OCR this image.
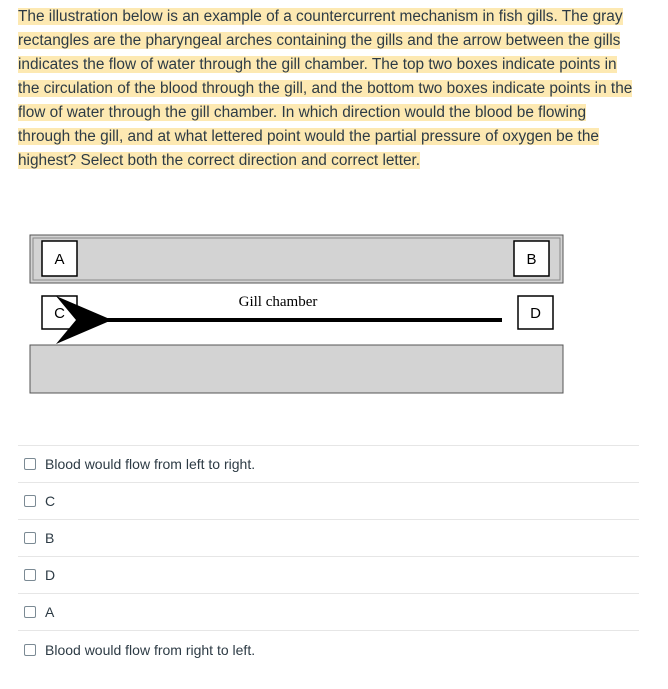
The illustration below is an example of a countercurrent mechanism in fish gills. The gray rectangles are the pharyngeal arches containing the gills and the arrow between the gills indicates the flow of water through the gill chamber. The top two boxes indicate points in the circulation of the blood through the gill, and the bottom two boxes indicate points in the flow of water through the gill chamber. In which direction would the blood be flowing through the gill, and at what lettered point would the partial pressure of oxygen be the highest? Select both the correct direction and correct letter.

A	B
C	D
Gill chamber
Blood would flow from left to right.
C
B
D
A
Blood would flow from right to left.
